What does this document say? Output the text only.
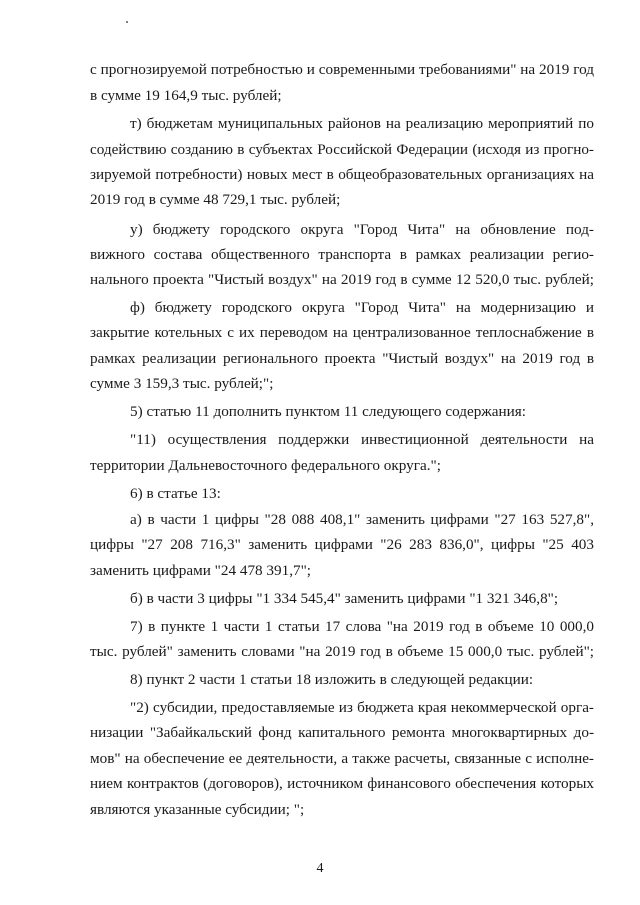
с прогнозируемой потребностью и современными требованиями" на 2019 год
в сумме 19 164,9 тыс. рублей;
т) бюджетам муниципальных районов на реализацию мероприятий по
содействию созданию в субъектах Российской Федерации (исходя из прогно-
зируемой потребности) новых мест в общеобразовательных организациях на
2019 год в сумме 48 729,1 тыс. рублей;
у) бюджету городского округа "Город Чита" на обновление под-
вижного состава общественного транспорта в рамках реализации регио-
нального проекта "Чистый воздух" на 2019 год в сумме 12 520,0 тыс. рублей;
ф) бюджету городского округа "Город Чита" на модернизацию и
закрытие котельных с их переводом на централизованное теплоснабжение в
рамках реализации регионального проекта "Чистый воздух" на 2019 год в
сумме 3 159,3 тыс. рублей;";
5) статью 11 дополнить пунктом 11 следующего содержания:
"11) осуществления поддержки инвестиционной деятельности на
территории Дальневосточного федерального округа.";
6) в статье 13:
а) в части 1 цифры "28 088 408,1" заменить цифрами "27 163 527,8",
цифры "27 208 716,3" заменить цифрами "26 283 836,0", цифры "25 403
заменить цифрами "24 478 391,7";
б) в части 3 цифры "1 334 545,4" заменить цифрами "1 321 346,8";
7) в пункте 1 части 1 статьи 17 слова "на 2019 год в объеме 10 000,0
тыс. рублей" заменить словами "на 2019 год в объеме 15 000,0 тыс. рублей";
8) пункт 2 части 1 статьи 18 изложить в следующей редакции:
"2) субсидии, предоставляемые из бюджета края некоммерческой орга-
низации "Забайкальский фонд капитального ремонта многоквартирных до-
мов" на обеспечение ее деятельности, а также расчеты, связанные с исполне-
нием контрактов (договоров), источником финансового обеспечения которых
являются указанные субсидии; ";
4
